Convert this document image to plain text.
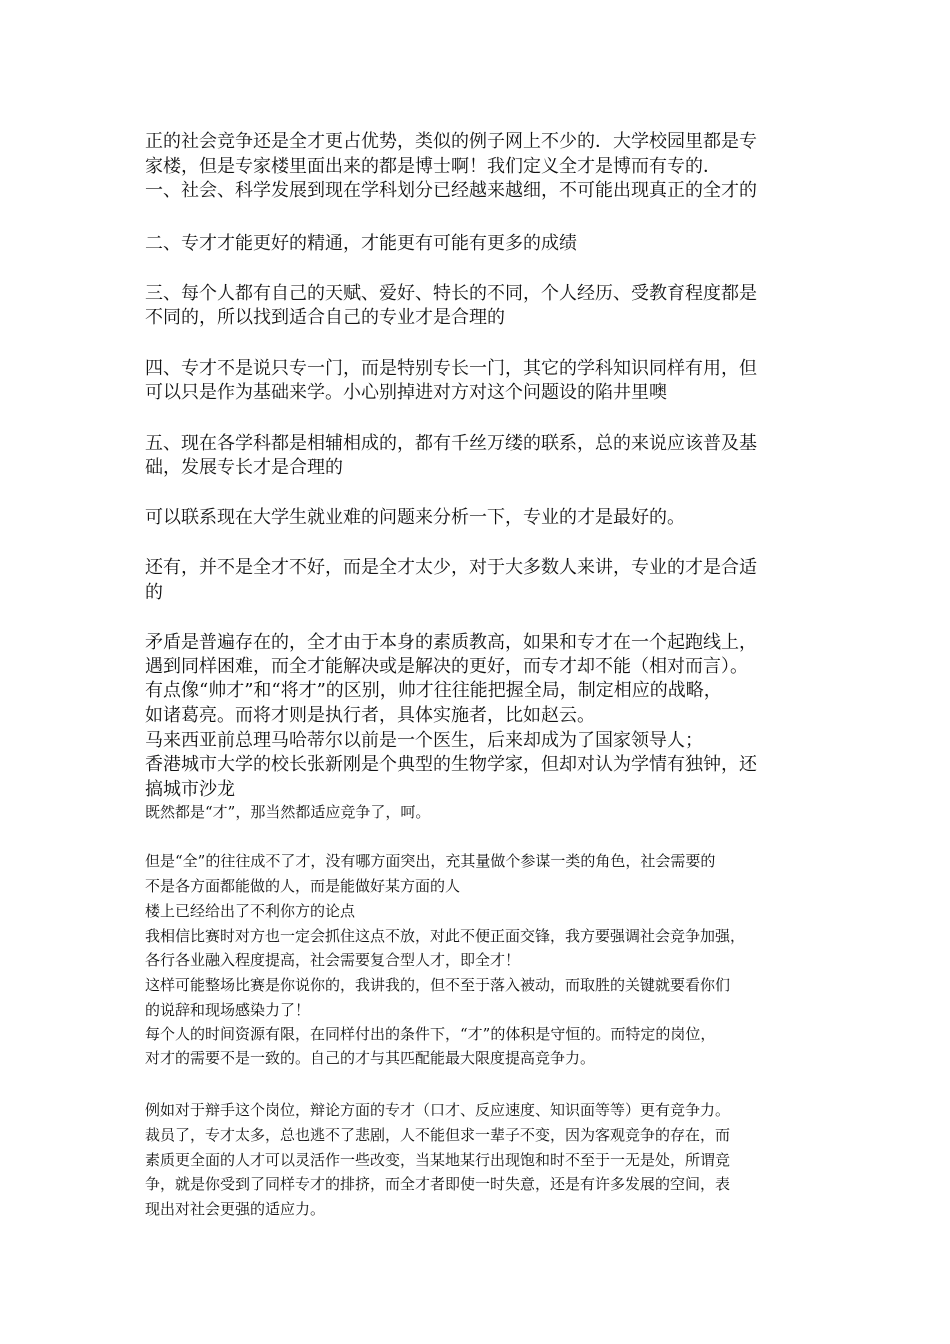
正的社会竞争还是全才更占优势，类似的例子网上不少的．大学校园里都是专
家楼，但是专家楼里面出来的都是博士啊！我们定义全才是博而有专的．
一、社会、科学发展到现在学科划分已经越来越细，不可能出现真正的全才的
二、专才才能更好的精通，才能更有可能有更多的成绩
三、每个人都有自己的天赋、爱好、特长的不同，个人经历、受教育程度都是
不同的，所以找到适合自己的专业才是合理的
四、专才不是说只专一门，而是特别专长一门，其它的学科知识同样有用，但
可以只是作为基础来学。小心别掉进对方对这个问题设的陷井里噢
五、现在各学科都是相辅相成的，都有千丝万缕的联系，总的来说应该普及基
础，发展专长才是合理的
可以联系现在大学生就业难的问题来分析一下，专业的才是最好的。
还有，并不是全才不好，而是全才太少，对于大多数人来讲，专业的才是合适
的
矛盾是普遍存在的，全才由于本身的素质教高，如果和专才在一个起跑线上，
遇到同样困难，而全才能解决或是解决的更好，而专才却不能（相对而言）。
有点像“帅才”和“将才”的区别，帅才往往能把握全局，制定相应的战略，
如诸葛亮。而将才则是执行者，具体实施者，比如赵云。
马来西亚前总理马哈蒂尔以前是一个医生，后来却成为了国家领导人；
香港城市大学的校长张新刚是个典型的生物学家，但却对认为学情有独钟，还
搞城市沙龙
既然都是“才”，那当然都适应竞争了，呵。
但是“全”的往往成不了才，没有哪方面突出，充其量做个参谋一类的角色，社会需要的
不是各方面都能做的人，而是能做好某方面的人
楼上已经给出了不利你方的论点
我相信比赛时对方也一定会抓住这点不放，对此不便正面交锋，我方要强调社会竞争加强，
各行各业融入程度提高，社会需要复合型人才，即全才！
这样可能整场比赛是你说你的，我讲我的，但不至于落入被动，而取胜的关键就要看你们
的说辞和现场感染力了！
每个人的时间资源有限，在同样付出的条件下，“才”的体积是守恒的。而特定的岗位，
对才的需要不是一致的。自己的才与其匹配能最大限度提高竞争力。
例如对于辩手这个岗位，辩论方面的专才（口才、反应速度、知识面等等）更有竞争力。
裁员了，专才太多，总也逃不了悲剧，人不能但求一辈子不变，因为客观竞争的存在，而
素质更全面的人才可以灵活作一些改变，当某地某行出现饱和时不至于一无是处，所谓竞
争，就是你受到了同样专才的排挤，而全才者即使一时失意，还是有许多发展的空间，表
现出对社会更强的适应力。
